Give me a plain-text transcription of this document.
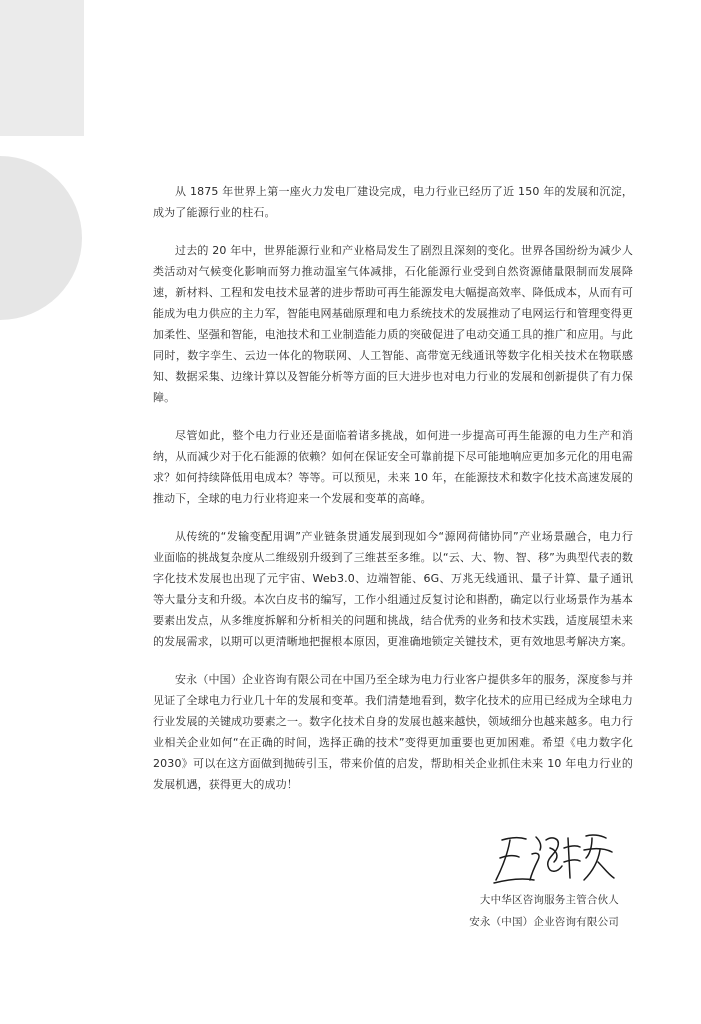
从 1875 年世界上第一座火力发电厂建设完成，电力行业已经历了近 150 年的发展和沉淀，成为了能源行业的柱石。

过去的 20 年中，世界能源行业和产业格局发生了剧烈且深刻的变化。世界各国纷纷为减少人类活动对气候变化影响而努力推动温室气体减排，石化能源行业受到自然资源储量限制而发展降速，新材料、工程和发电技术显著的进步帮助可再生能源发电大幅提高效率、降低成本，从而有可能成为电力供应的主力军，智能电网基础原理和电力系统技术的发展推动了电网运行和管理变得更加柔性、坚强和智能，电池技术和工业制造能力质的突破促进了电动交通工具的推广和应用。与此同时，数字孪生、云边一体化的物联网、人工智能、高带宽无线通讯等数字化相关技术在物联感知、数据采集、边缘计算以及智能分析等方面的巨大进步也对电力行业的发展和创新提供了有力保障。

尽管如此，整个电力行业还是面临着诸多挑战，如何进一步提高可再生能源的电力生产和消纳，从而减少对于化石能源的依赖？如何在保证安全可靠前提下尽可能地响应更加多元化的用电需求？如何持续降低用电成本？等等。可以预见，未来 10 年，在能源技术和数字化技术高速发展的推动下，全球的电力行业将迎来一个发展和变革的高峰。

从传统的“发输变配用调”产业链条贯通发展到现如今“源网荷储协同”产业场景融合，电力行业面临的挑战复杂度从二维级别升级到了三维甚至多维。以“云、大、物、智、移”为典型代表的数字化技术发展也出现了元宇宙、Web3.0、边端智能、6G、万兆无线通讯、量子计算、量子通讯等大量分支和升级。本次白皮书的编写，工作小组通过反复讨论和斟酌，确定以行业场景作为基本要素出发点，从多维度拆解和分析相关的问题和挑战，结合优秀的业务和技术实践，适度展望未来的发展需求，以期可以更清晰地把握根本原因，更准确地锁定关键技术，更有效地思考解决方案。

安永（中国）企业咨询有限公司在中国乃至全球为电力行业客户提供多年的服务，深度参与并见证了全球电力行业几十年的发展和变革。我们清楚地看到，数字化技术的应用已经成为全球电力行业发展的关键成功要素之一。数字化技术自身的发展也越来越快，领域细分也越来越多。电力行业相关企业如何“在正确的时间，选择正确的技术”变得更加重要也更加困难。希望《电力数字化 2030》可以在这方面做到抛砖引玉，带来价值的启发，帮助相关企业抓住未来 10 年电力行业的发展机遇，获得更大的成功！

大中华区咨询服务主管合伙人
安永（中国）企业咨询有限公司
